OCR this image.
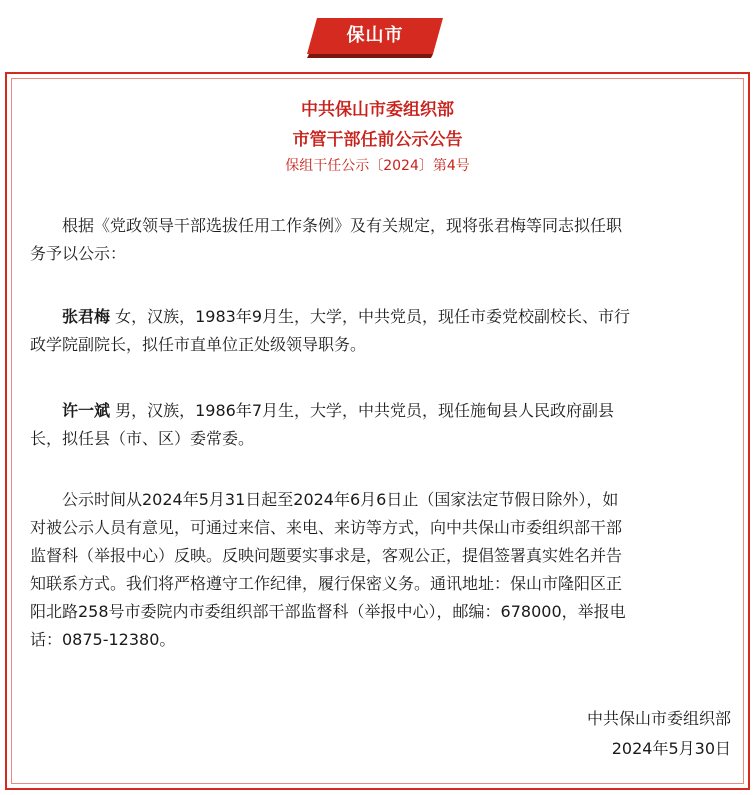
保山市
中共保山市委组织部
市管干部任前公示公告
保组干任公示〔2024〕第4号
根据《党政领导干部选拔任用工作条例》及有关规定，现将张君梅等同志拟任职
务予以公示：
张君梅 女，汉族，1983年9月生，大学，中共党员，现任市委党校副校长、市行
政学院副院长，拟任市直单位正处级领导职务。
许一斌 男，汉族，1986年7月生，大学，中共党员，现任施甸县人民政府副县
长，拟任县（市、区）委常委。
公示时间从2024年5月31日起至2024年6月6日止（国家法定节假日除外），如
对被公示人员有意见，可通过来信、来电、来访等方式，向中共保山市委组织部干部
监督科（举报中心）反映。反映问题要实事求是，客观公正，提倡签署真实姓名并告
知联系方式。我们将严格遵守工作纪律，履行保密义务。通讯地址：保山市隆阳区正
阳北路258号市委院内市委组织部干部监督科（举报中心），邮编：678000，举报电
话：0875-12380。
中共保山市委组织部
2024年5月30日
